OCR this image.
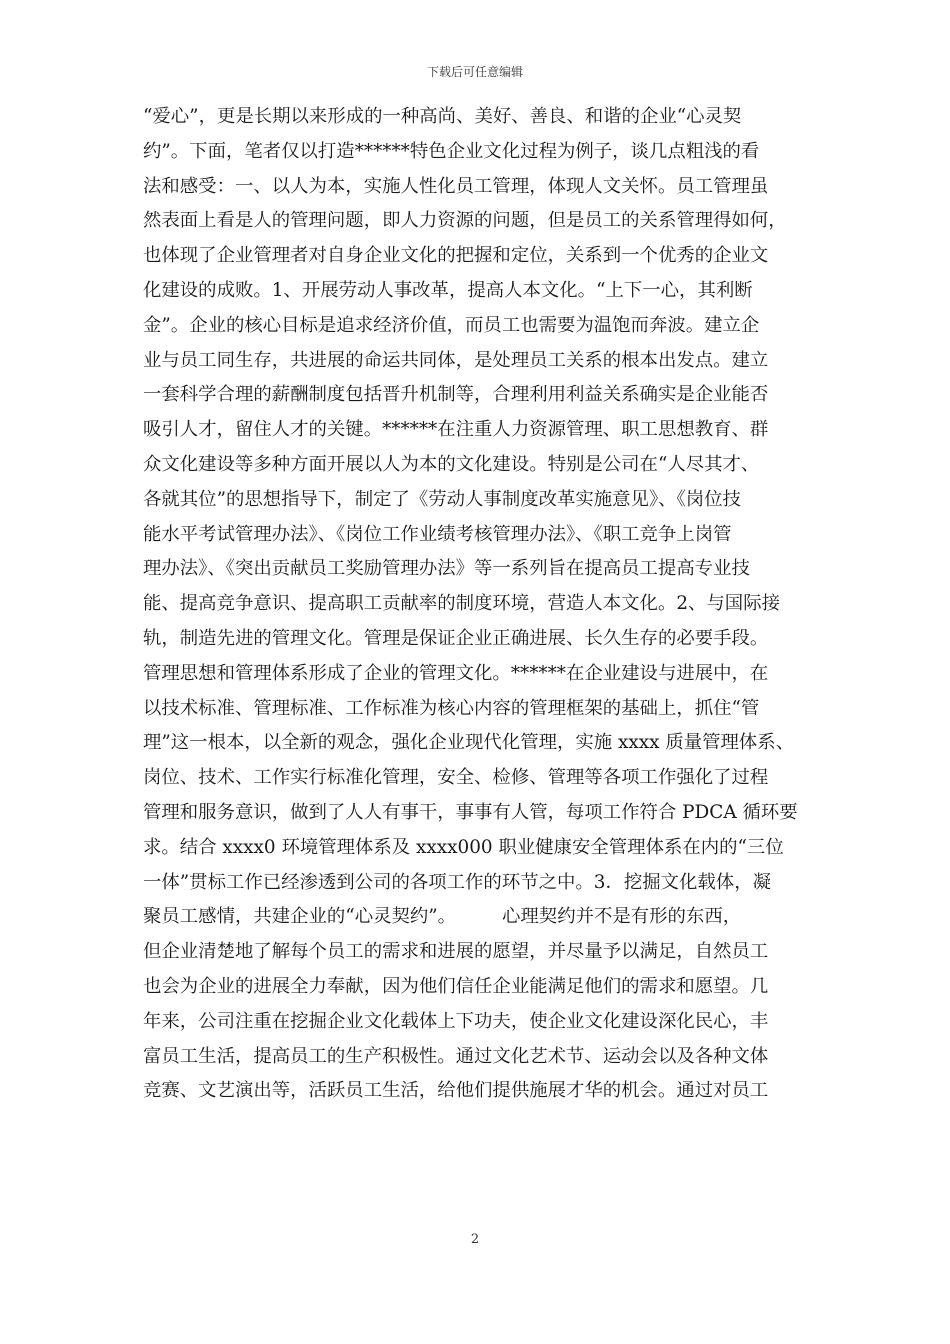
下载后可任意编辑
“爱心”，更是长期以来形成的一种高尚、美好、善良、和谐的企业“心灵契
约”。下面，笔者仅以打造******特色企业文化过程为例子，谈几点粗浅的看
法和感受：一、以人为本，实施人性化员工管理，体现人文关怀。员工管理虽
然表面上看是人的管理问题，即人力资源的问题，但是员工的关系管理得如何，
也体现了企业管理者对自身企业文化的把握和定位，关系到一个优秀的企业文
化建设的成败。1、开展劳动人事改革，提高人本文化。“上下一心，其利断
金”。企业的核心目标是追求经济价值，而员工也需要为温饱而奔波。建立企
业与员工同生存，共进展的命运共同体，是处理员工关系的根本出发点。建立
一套科学合理的薪酬制度包括晋升机制等，合理利用利益关系确实是企业能否
吸引人才，留住人才的关键。******在注重人力资源管理、职工思想教育、群
众文化建设等多种方面开展以人为本的文化建设。特别是公司在“人尽其才、
各就其位”的思想指导下，制定了《劳动人事制度改革实施意见》、《岗位技
能水平考试管理办法》、《岗位工作业绩考核管理办法》、《职工竞争上岗管
理办法》、《突出贡献员工奖励管理办法》等一系列旨在提高员工提高专业技
能、提高竞争意识、提高职工贡献率的制度环境，营造人本文化。2、与国际接
轨，制造先进的管理文化。管理是保证企业正确进展、长久生存的必要手段。
管理思想和管理体系形成了企业的管理文化。******在企业建设与进展中，在
以技术标准、管理标准、工作标准为核心内容的管理框架的基础上，抓住“管
理”这一根本，以全新的观念，强化企业现代化管理，实施 xxxx 质量管理体系、
岗位、技术、工作实行标准化管理，安全、检修、管理等各项工作强化了过程
管理和服务意识，做到了人人有事干，事事有人管，每项工作符合 PDCA 循环要
求。结合 xxxx0 环境管理体系及 xxxx000 职业健康安全管理体系在内的“三位
一体”贯标工作已经渗透到公司的各项工作的环节之中。3．挖掘文化载体，凝
聚员工感情，共建企业的“心灵契约”。　　　心理契约并不是有形的东西，
但企业清楚地了解每个员工的需求和进展的愿望，并尽量予以满足，自然员工
也会为企业的进展全力奉献，因为他们信任企业能满足他们的需求和愿望。几
年来，公司注重在挖掘企业文化载体上下功夫，使企业文化建设深化民心，丰
富员工生活，提高员工的生产积极性。通过文化艺术节、运动会以及各种文体
竞赛、文艺演出等，活跃员工生活，给他们提供施展才华的机会。通过对员工
2
